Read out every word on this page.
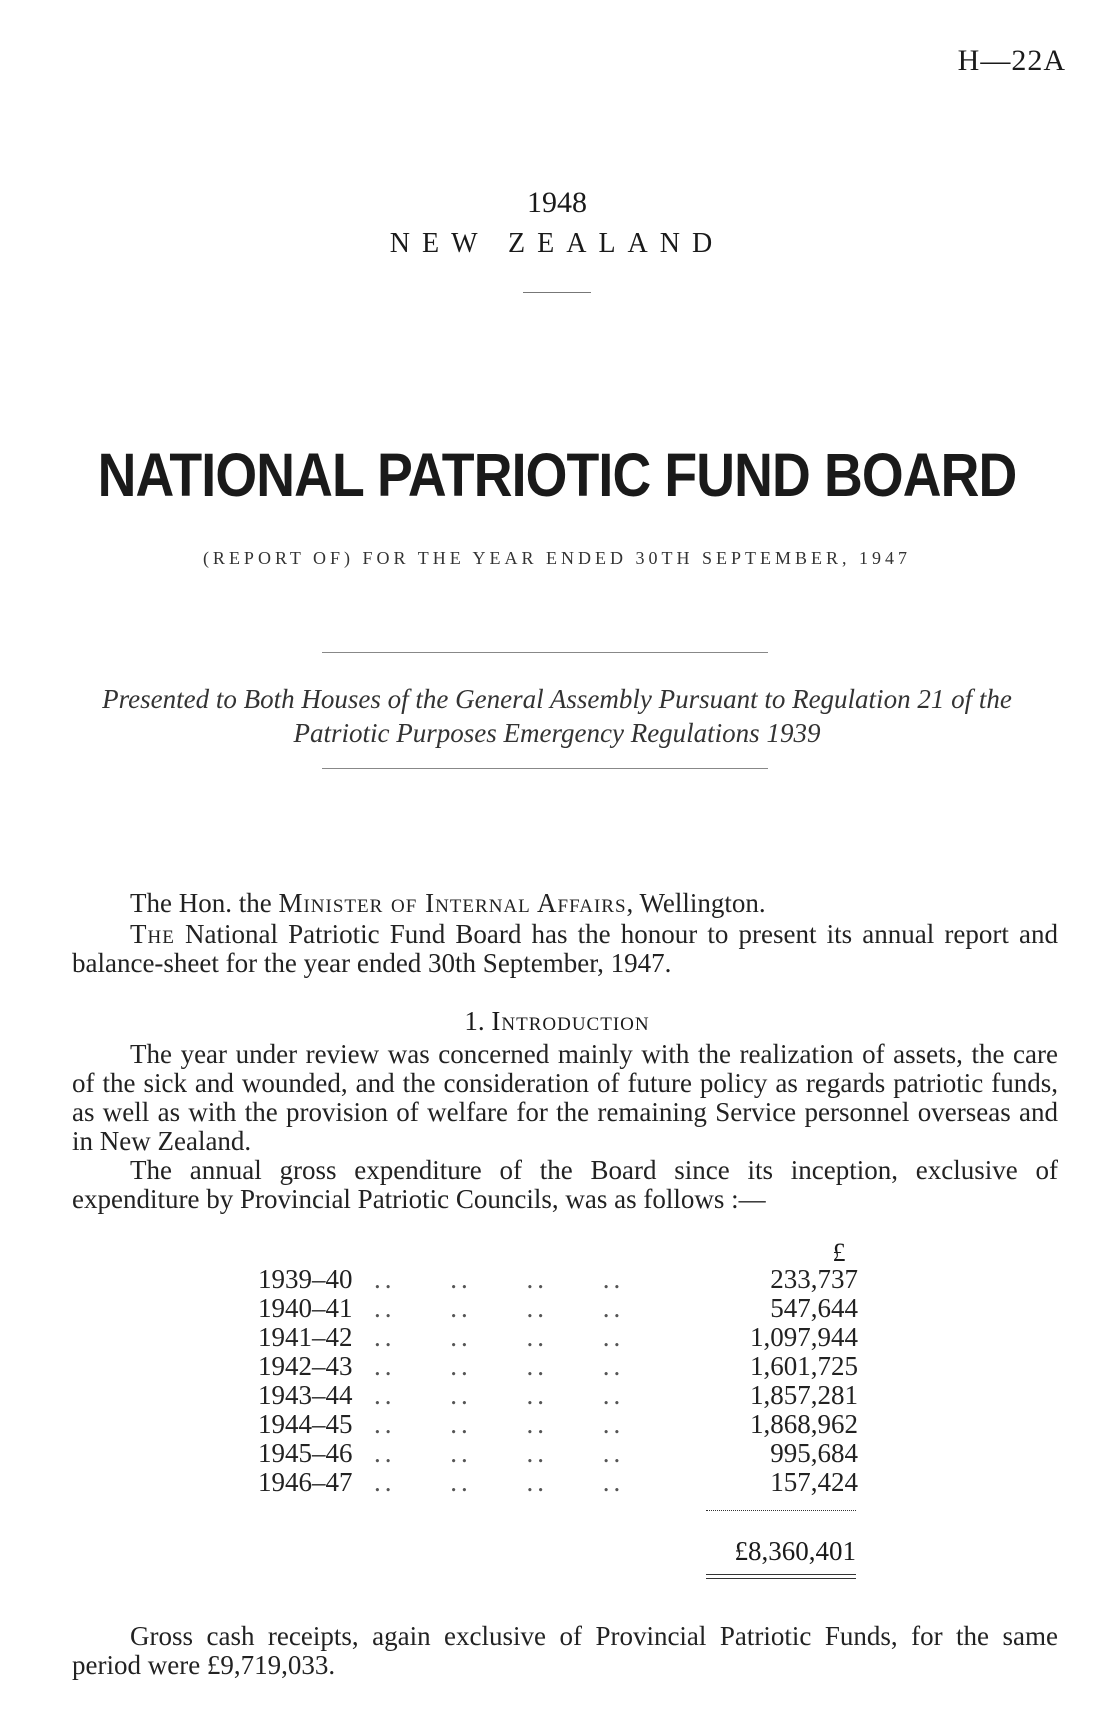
H—22A
1948
NEW ZEALAND
NATIONAL PATRIOTIC FUND BOARD
(REPORT OF) FOR THE YEAR ENDED 30TH SEPTEMBER, 1947
Presented to Both Houses of the General Assembly Pursuant to Regulation 21 of the Patriotic Purposes Emergency Regulations 1939
The Hon. the Minister of Internal Affairs, Wellington.
The National Patriotic Fund Board has the honour to present its annual report and balance-sheet for the year ended 30th September, 1947.
1. Introduction
The year under review was concerned mainly with the realization of assets, the care of the sick and wounded, and the consideration of future policy as regards patriotic funds, as well as with the provision of welfare for the remaining Service personnel overseas and in New Zealand.
The annual gross expenditure of the Board since its inception, exclusive of expenditure by Provincial Patriotic Councils, was as follows :—
£
1939–40 .. .. .. ..	233,737
1940–41 .. .. .. ..	547,644
1941–42 .. .. .. ..	1,097,944
1942–43 .. .. .. ..	1,601,725
1943–44 .. .. .. ..	1,857,281
1944–45 .. .. .. ..	1,868,962
1945–46 .. .. .. ..	995,684
1946–47 .. .. .. ..	157,424
£8,360,401
Gross cash receipts, again exclusive of Provincial Patriotic Funds, for the same period were £9,719,033.
